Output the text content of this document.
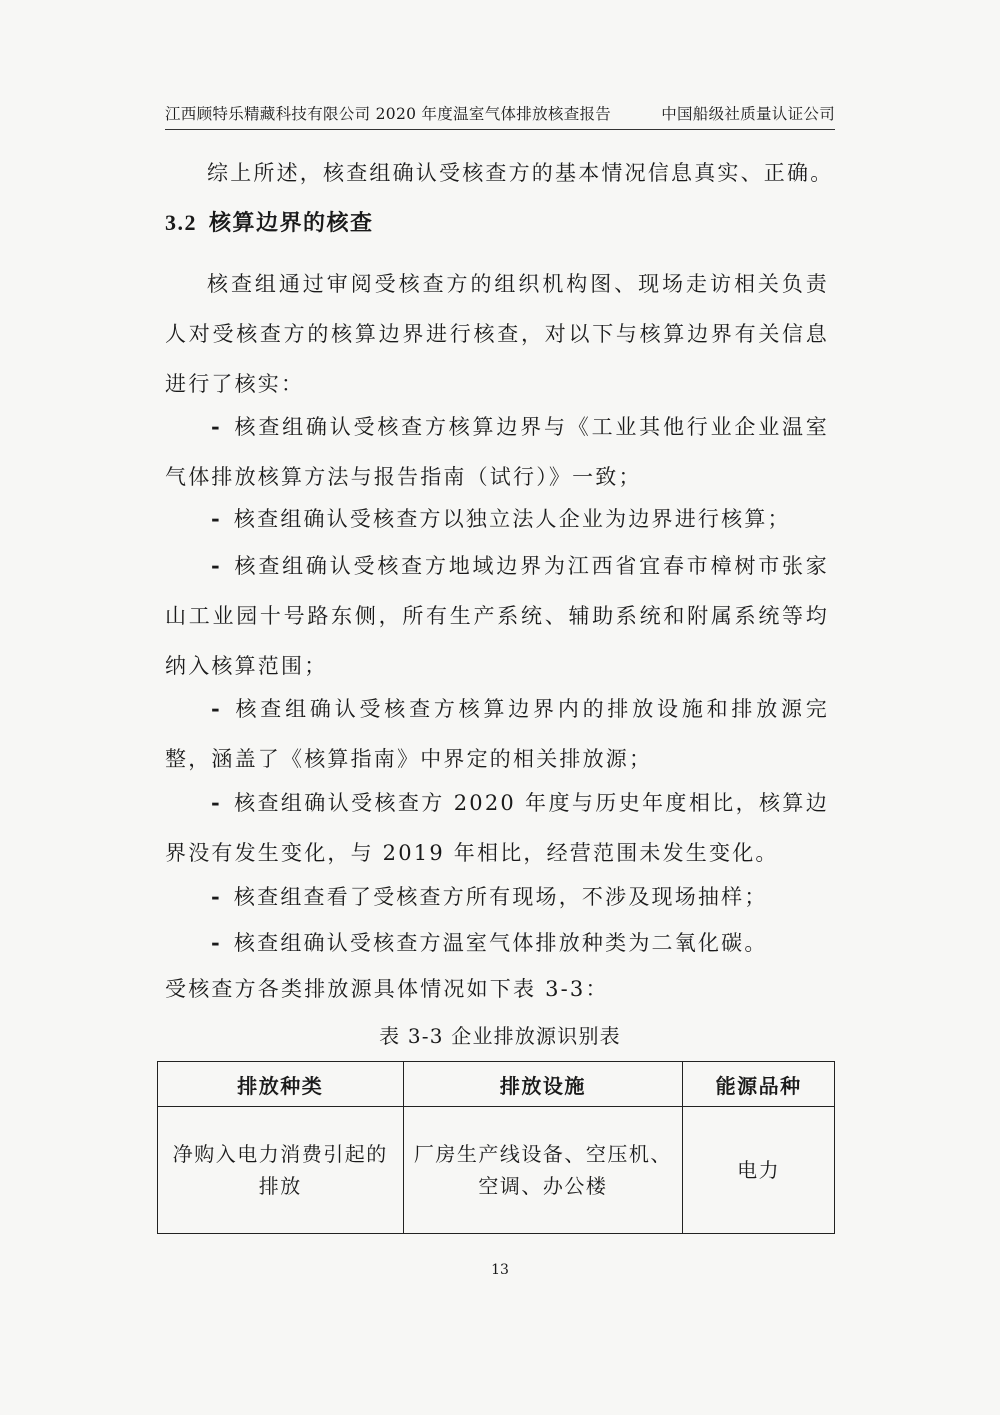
江西顾特乐精藏科技有限公司 2020 年度温室气体排放核查报告	中国船级社质量认证公司
综上所述，核查组确认受核查方的基本情况信息真实、正确。
3.2 核算边界的核查
核查组通过审阅受核查方的组织机构图、现场走访相关负责人对受核查方的核算边界进行核查，对以下与核算边界有关信息进行了核实：
- 核查组确认受核查方核算边界与《工业其他行业企业温室气体排放核算方法与报告指南（试行）》一致；
- 核查组确认受核查方以独立法人企业为边界进行核算；
- 核查组确认受核查方地域边界为江西省宜春市樟树市张家山工业园十号路东侧，所有生产系统、辅助系统和附属系统等均纳入核算范围；
- 核查组确认受核查方核算边界内的排放设施和排放源完整，涵盖了《核算指南》中界定的相关排放源；
- 核查组确认受核查方 2020 年度与历史年度相比，核算边界没有发生变化，与 2019 年相比，经营范围未发生变化。
- 核查组查看了受核查方所有现场，不涉及现场抽样；
- 核查组确认受核查方温室气体排放种类为二氧化碳。
受核查方各类排放源具体情况如下表 3-3：
表 3-3 企业排放源识别表
排放种类	排放设施	能源品种
净购入电力消费引起的排放	厂房生产线设备、空压机、空调、办公楼	电力
13
